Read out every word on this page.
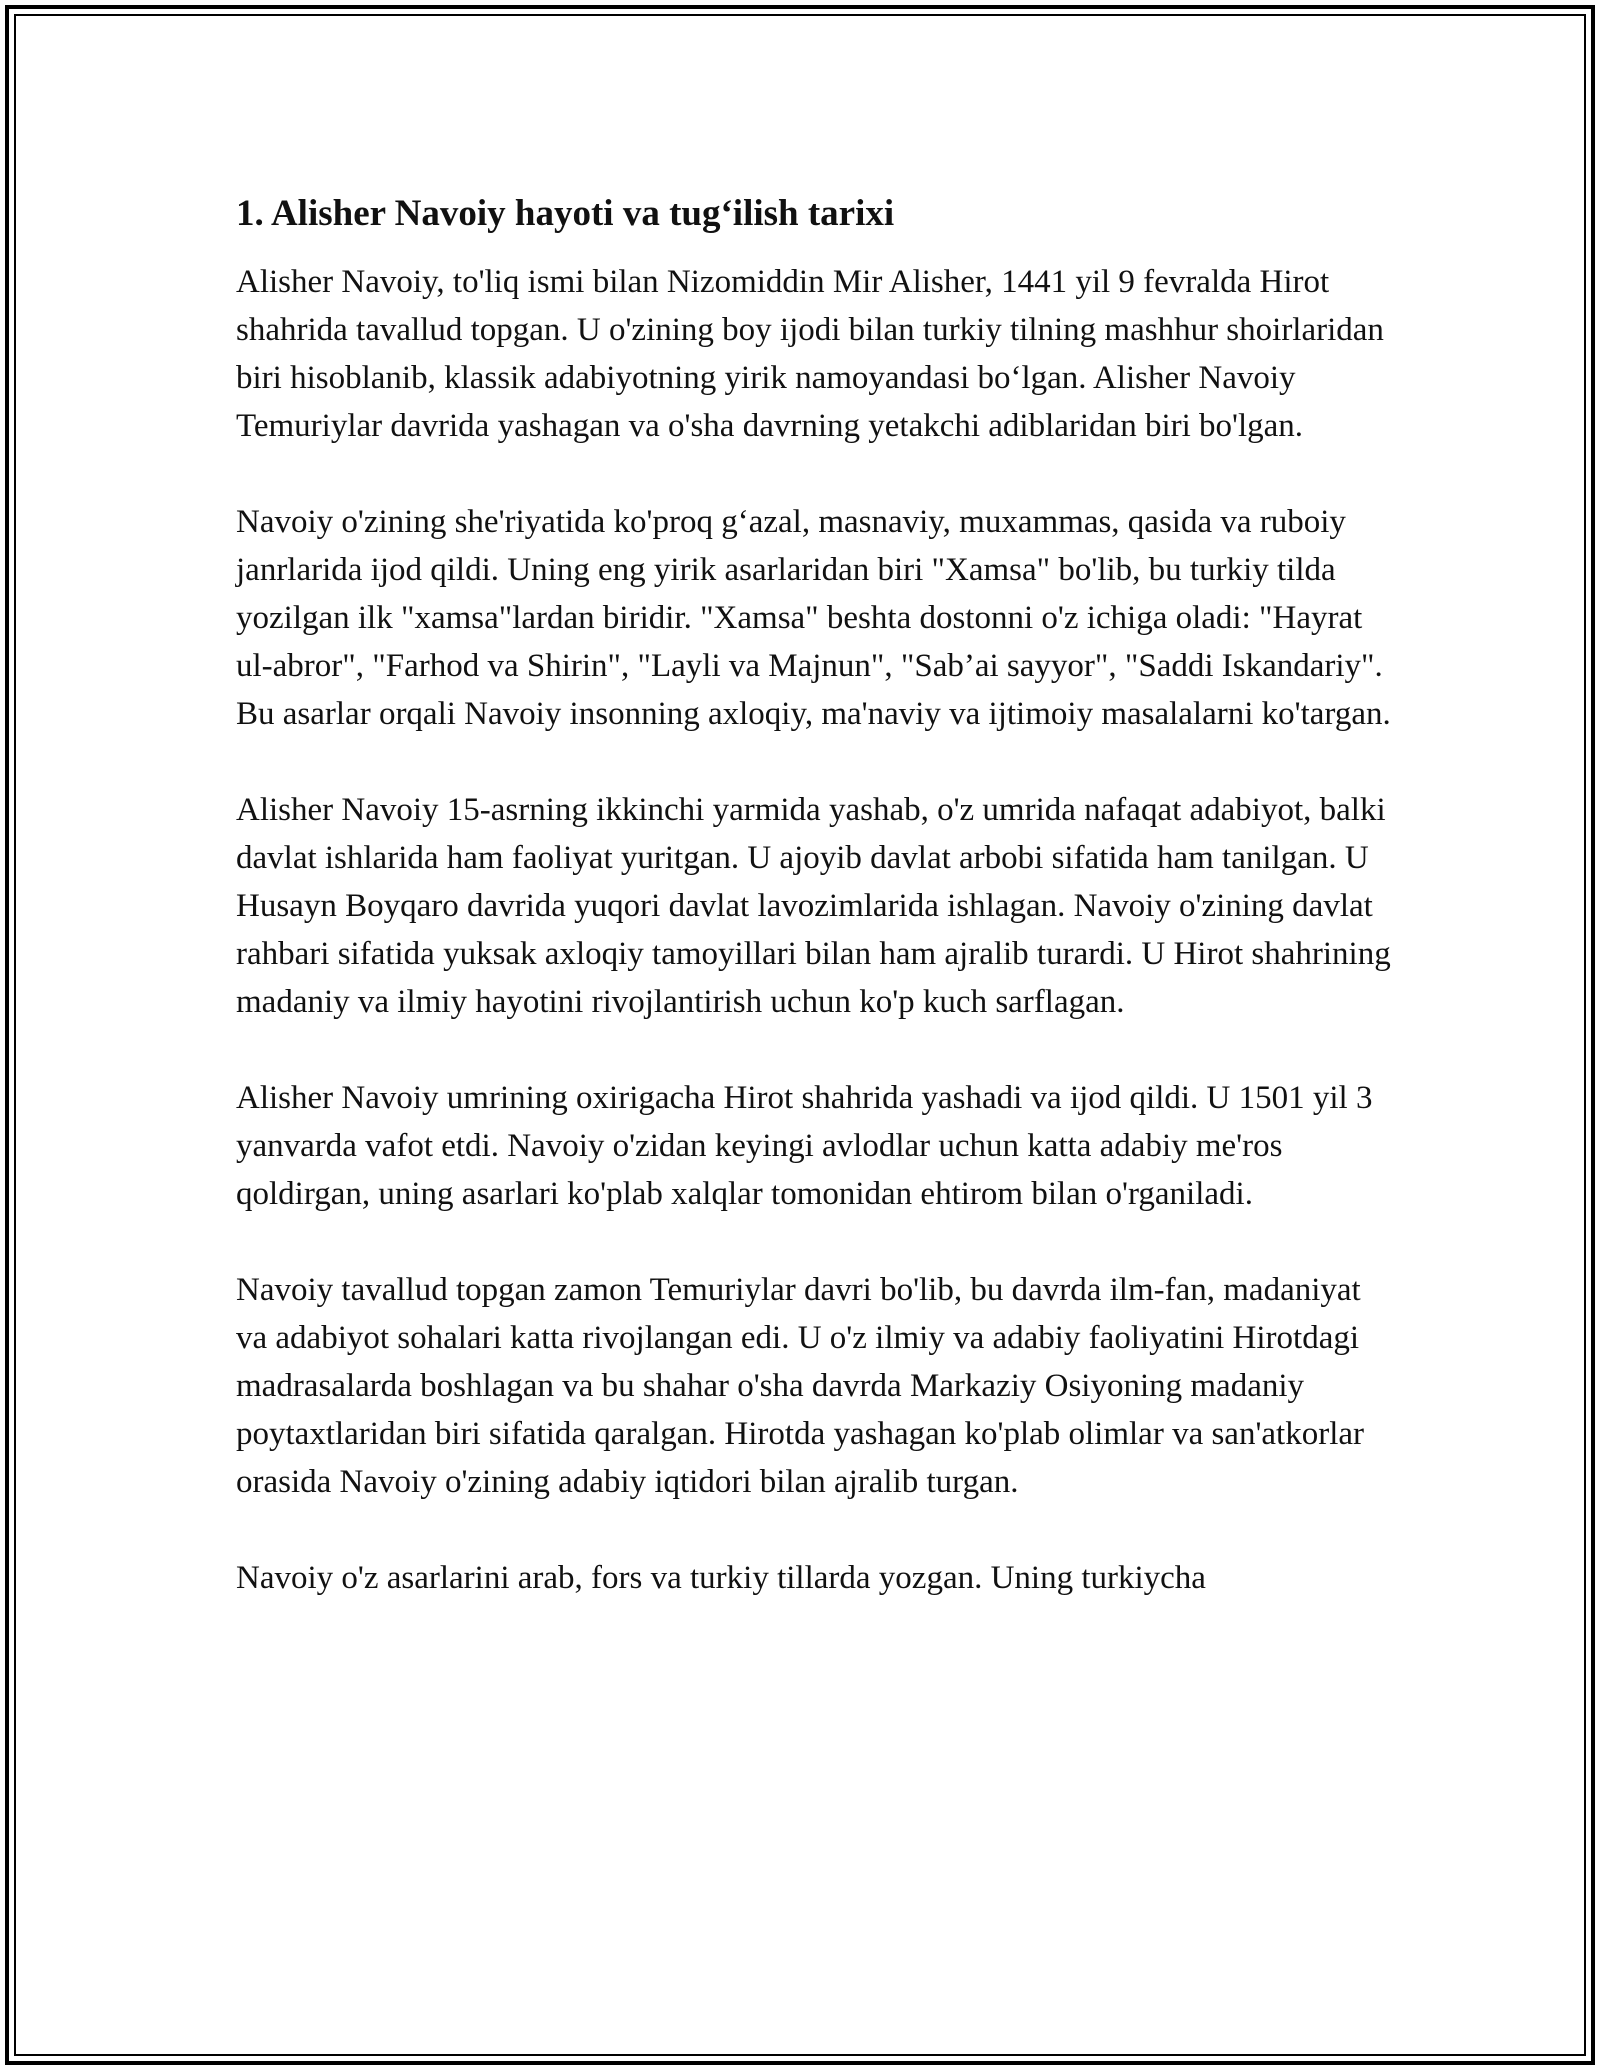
1. Alisher Navoiy hayoti va tug‘ilish tarixi

Alisher Navoiy, to'liq ismi bilan Nizomiddin Mir Alisher, 1441 yil 9 fevralda Hirot shahrida tavallud topgan. U o'zining boy ijodi bilan turkiy tilning mashhur shoirlaridan biri hisoblanib, klassik adabiyotning yirik namoyandasi bo‘lgan. Alisher Navoiy Temuriylar davrida yashagan va o'sha davrning yetakchi adiblaridan biri bo'lgan.

Navoiy o'zining she'riyatida ko'proq g‘azal, masnaviy, muxammas, qasida va ruboiy janrlarida ijod qildi. Uning eng yirik asarlaridan biri "Xamsa" bo'lib, bu turkiy tilda yozilgan ilk "xamsa"lardan biridir. "Xamsa" beshta dostonni o'z ichiga oladi: "Hayrat ul-abror", "Farhod va Shirin", "Layli va Majnun", "Sab’ai sayyor", "Saddi Iskandariy". Bu asarlar orqali Navoiy insonning axloqiy, ma'naviy va ijtimoiy masalalarni ko'targan.

Alisher Navoiy 15-asrning ikkinchi yarmida yashab, o'z umrida nafaqat adabiyot, balki davlat ishlarida ham faoliyat yuritgan. U ajoyib davlat arbobi sifatida ham tanilgan. U Husayn Boyqaro davrida yuqori davlat lavozimlarida ishlagan. Navoiy o'zining davlat rahbari sifatida yuksak axloqiy tamoyillari bilan ham ajralib turardi. U Hirot shahrining madaniy va ilmiy hayotini rivojlantirish uchun ko'p kuch sarflagan.

Alisher Navoiy umrining oxirigacha Hirot shahrida yashadi va ijod qildi. U 1501 yil 3 yanvarda vafot etdi. Navoiy o'zidan keyingi avlodlar uchun katta adabiy me'ros qoldirgan, uning asarlari ko'plab xalqlar tomonidan ehtirom bilan o'rganiladi.

Navoiy tavallud topgan zamon Temuriylar davri bo'lib, bu davrda ilm-fan, madaniyat va adabiyot sohalari katta rivojlangan edi. U o'z ilmiy va adabiy faoliyatini Hirotdagi madrasalarda boshlagan va bu shahar o'sha davrda Markaziy Osiyoning madaniy poytaxtlaridan biri sifatida qaralgan. Hirotda yashagan ko'plab olimlar va san'atkorlar orasida Navoiy o'zining adabiy iqtidori bilan ajralib turgan.

Navoiy o'z asarlarini arab, fors va turkiy tillarda yozgan. Uning turkiycha
